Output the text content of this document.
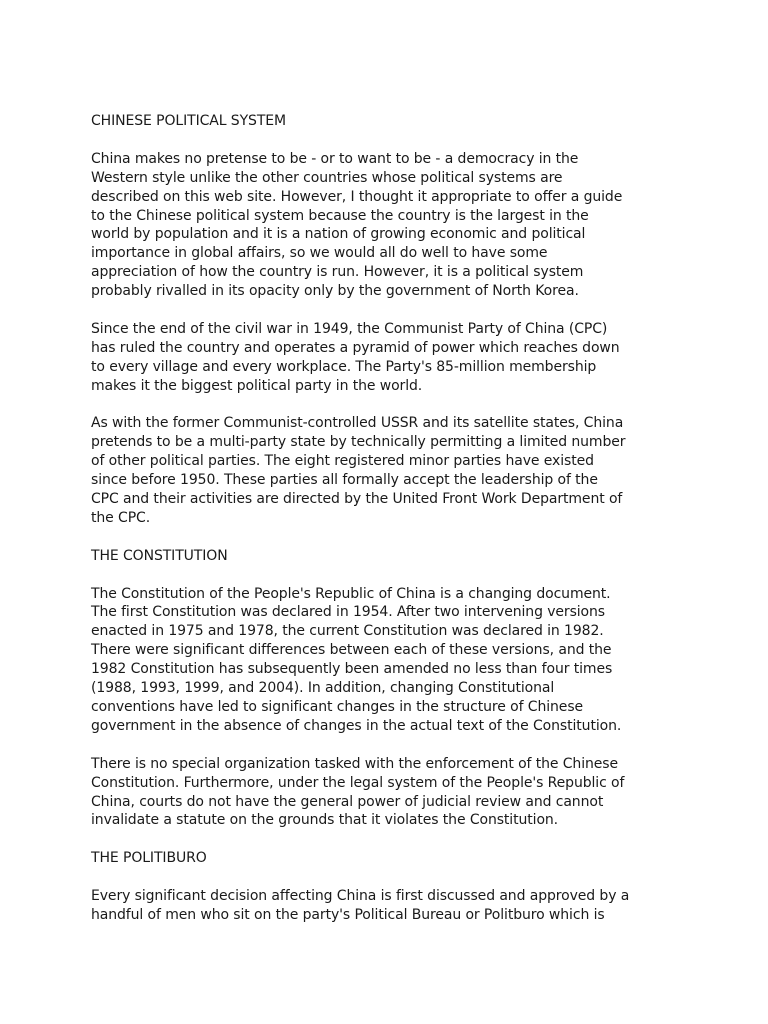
CHINESE POLITICAL SYSTEM

China makes no pretense to be - or to want to be - a democracy in the
Western style unlike the other countries whose political systems are
described on this web site. However, I thought it appropriate to offer a guide
to the Chinese political system because the country is the largest in the
world by population and it is a nation of growing economic and political
importance in global affairs, so we would all do well to have some
appreciation of how the country is run. However, it is a political system
probably rivalled in its opacity only by the government of North Korea.

Since the end of the civil war in 1949, the Communist Party of China (CPC)
has ruled the country and operates a pyramid of power which reaches down
to every village and every workplace. The Party's 85-million membership
makes it the biggest political party in the world.

As with the former Communist-controlled USSR and its satellite states, China
pretends to be a multi-party state by technically permitting a limited number
of other political parties. The eight registered minor parties have existed
since before 1950. These parties all formally accept the leadership of the
CPC and their activities are directed by the United Front Work Department of
the CPC.

THE CONSTITUTION

The Constitution of the People's Republic of China is a changing document.
The first Constitution was declared in 1954. After two intervening versions
enacted in 1975 and 1978, the current Constitution was declared in 1982.
There were significant differences between each of these versions, and the
1982 Constitution has subsequently been amended no less than four times
(1988, 1993, 1999, and 2004). In addition, changing Constitutional
conventions have led to significant changes in the structure of Chinese
government in the absence of changes in the actual text of the Constitution.

There is no special organization tasked with the enforcement of the Chinese
Constitution. Furthermore, under the legal system of the People's Republic of
China, courts do not have the general power of judicial review and cannot
invalidate a statute on the grounds that it violates the Constitution.

THE POLITIBURO

Every significant decision affecting China is first discussed and approved by a
handful of men who sit on the party's Political Bureau or Politburo which is
